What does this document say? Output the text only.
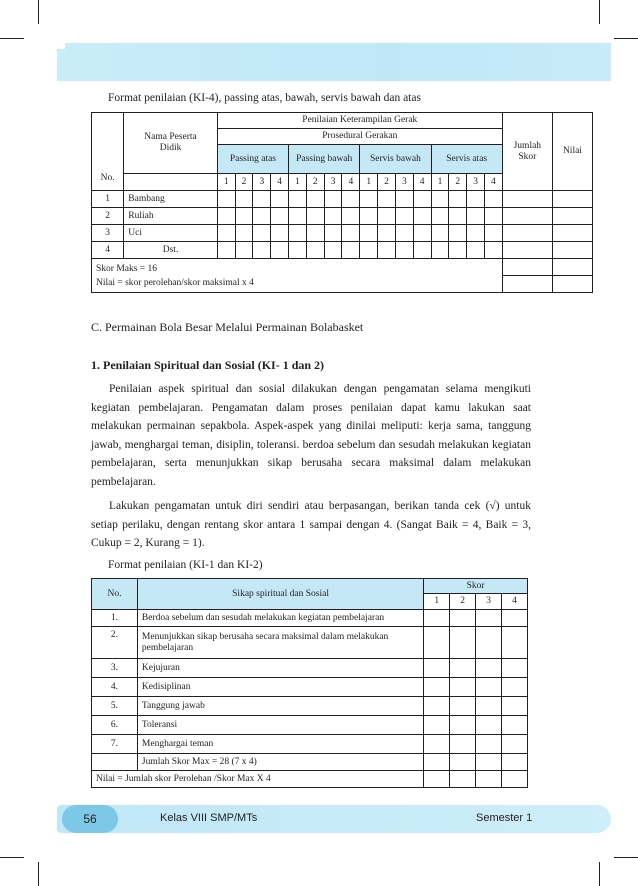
Format penilaian (KI-4), passing atas, bawah, servis bawah dan atas
No.	Nama Peserta Didik	Penilaian Keterampilan Gerak																Jumlah Skor	Nilai
		Prosedural Gerakan																	
		Passing atas				Passing bawah				Servis bawah				Servis atas					
		1	2	3	4	1	2	3	4	1	2	3	4	1	2	3	4		
1	Bambang																		
2	Ruliah																		
3	Uci																		
4	Dst.																		

Skor Maks = 16
Nilai = skor perolehan/skor maksimal x 4																			

C. Permainan Bola Besar Melalui Permainan Bolabasket
1. Penilaian Spiritual dan Sosial (KI- 1 dan 2)
Penilaian aspek spiritual dan sosial dilakukan dengan pengamatan selama mengikuti kegiatan pembelajaran. Pengamatan dalam proses penilaian dapat kamu lakukan saat melakukan permainan sepakbola. Aspek-aspek yang dinilai meliputi: kerja sama, tanggung jawab, menghargai teman, disiplin, toleransi. berdoa sebelum dan sesudah melakukan kegiatan pembelajaran, serta menunjukkan sikap berusaha secara maksimal dalam melakukan pembelajaran.
Lakukan pengamatan untuk diri sendiri atau berpasangan, berikan tanda cek (√) untuk setiap perilaku, dengan rentang skor antara 1 sampai dengan 4. (Sangat Baik = 4, Baik = 3, Cukup = 2, Kurang = 1).
Format penilaian (KI-1 dan KI-2)
No.	Sikap spiritual dan Sosial	Skor			
		1	2	3	4
1.	Berdoa sebelum dan sesudah melakukan kegiatan pembelajaran				
2.	Menunjukkan sikap berusaha secara maksimal dalam melakukan pembelajaran				
3.	Kejujuran				
4.	Kedisiplinan				
5.	Tanggung jawab				
6.	Toleransi				
7.	Menghargai teman				
	Jumlah Skor Max = 28 (7 x 4)				
Nilai = Jumlah skor Perolehan /Skor Max X 4					
56	Kelas VIII SMP/MTs	Semester 1
